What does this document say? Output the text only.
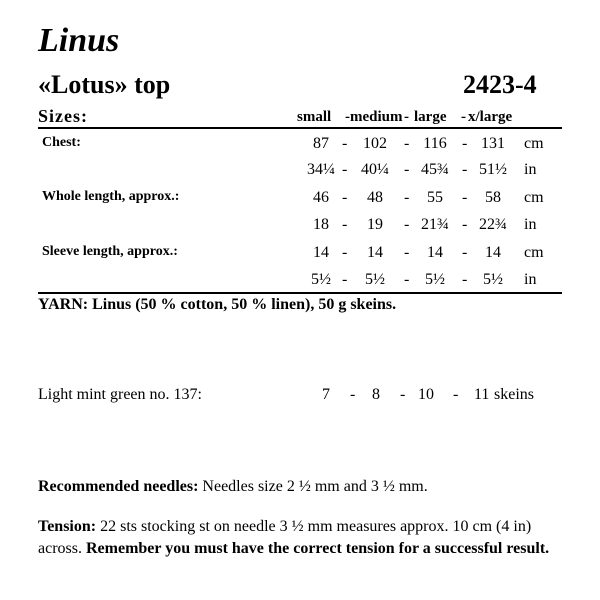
Linus
«Lotus» top	2423-4
Sizes:	small - medium - large - x/large
Chest:	87 - 102	- 116 - 131	cm
34¼ - 40¼ - 45¾ - 51½	in
Whole length, approx.:	46 -	48	-	55	-	58	cm
18 -	19	- 21¾ - 22¾	in
Sleeve length, approx.:	14 -	14	-	14	-	14	cm
5½ -	5½	- 5½	- 5½	in
YARN: Linus (50 % cotton, 50 % linen), 50 g skeins.
Light mint green no. 137:	7 - 8 - 10 - 11 skeins
Recommended needles: Needles size 2 ½ mm and 3 ½ mm.
Tension: 22 sts stocking st on needle 3 ½ mm measures approx. 10 cm (4 in) across. Remember you must have the correct tension for a successful result.
